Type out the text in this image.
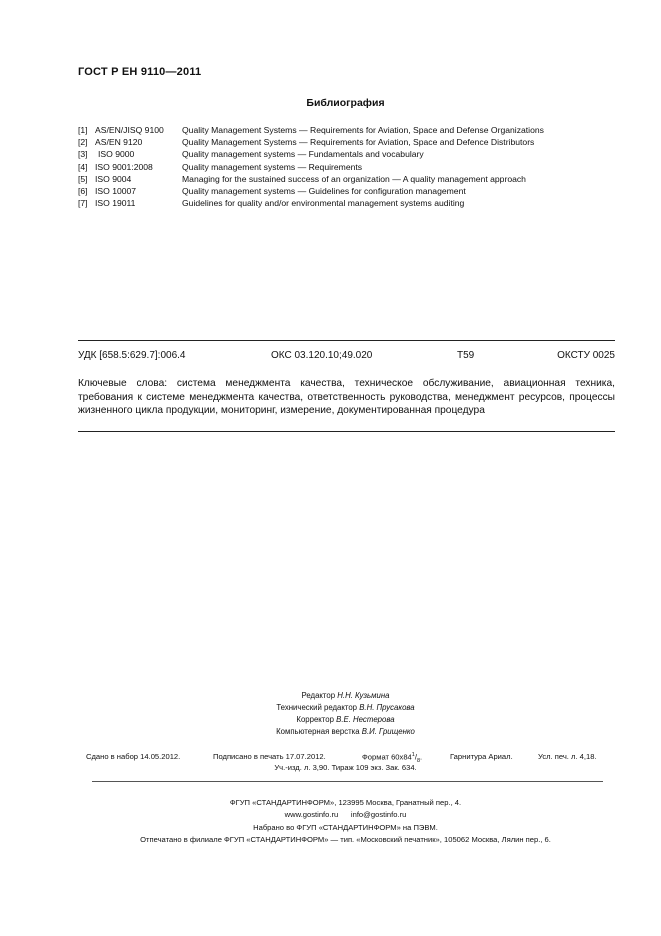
ГОСТ Р ЕН 9110—2011
Библиография
[1] AS/EN/JISQ 9100 Quality Management Systems — Requirements for Aviation, Space and Defense Organizations
[2] AS/EN 9120	Quality Management Systems — Requirements for Aviation, Space and Defence Distributors
[3] ISO 9000	Quality management systems — Fundamentals and vocabulary
[4] ISO 9001:2008	Quality management systems — Requirements
[5] ISO 9004	Managing for the sustained success of an organization — A quality management approach
[6] ISO 10007	Quality management systems — Guidelines for configuration management
[7] ISO 19011	Guidelines for quality and/or environmental management systems auditing
УДК [658.5:629.7]:006.4	ОКС 03.120.10;49.020	Т59	ОКСТУ 0025
Ключевые слова: система менеджмента качества, техническое обслуживание, авиационная техника, требования к системе менеджмента качества, ответственность руководства, менеджмент ресурсов, процессы жизненного цикла продукции, мониторинг, измерение, документированная процедура
Редактор Н.Н. Кузьмина
Технический редактор В.Н. Прусакова
Корректор В.Е. Нестерова
Компьютерная верстка В.И. Грищенко
Сдано в набор 14.05.2012.	Подписано в печать 17.07.2012.	Формат $60х84^1/_8$.	Гарнитура Ариал.	Усл. печ. л. 4,18.
Уч.-изд. л. 3,90. Тираж 109 экз. Зак. 634.
ФГУП «СТАНДАРТИНФОРМ», 123995 Москва, Гранатный пер., 4.
www.gostinfo.ru      info@gostinfo.ru
Набрано во ФГУП «СТАНДАРТИНФОРМ» на ПЭВМ.
Отпечатано в филиале ФГУП «СТАНДАРТИНФОРМ» — тип. «Московский печатник», 105062 Москва, Лялин пер., 6.
